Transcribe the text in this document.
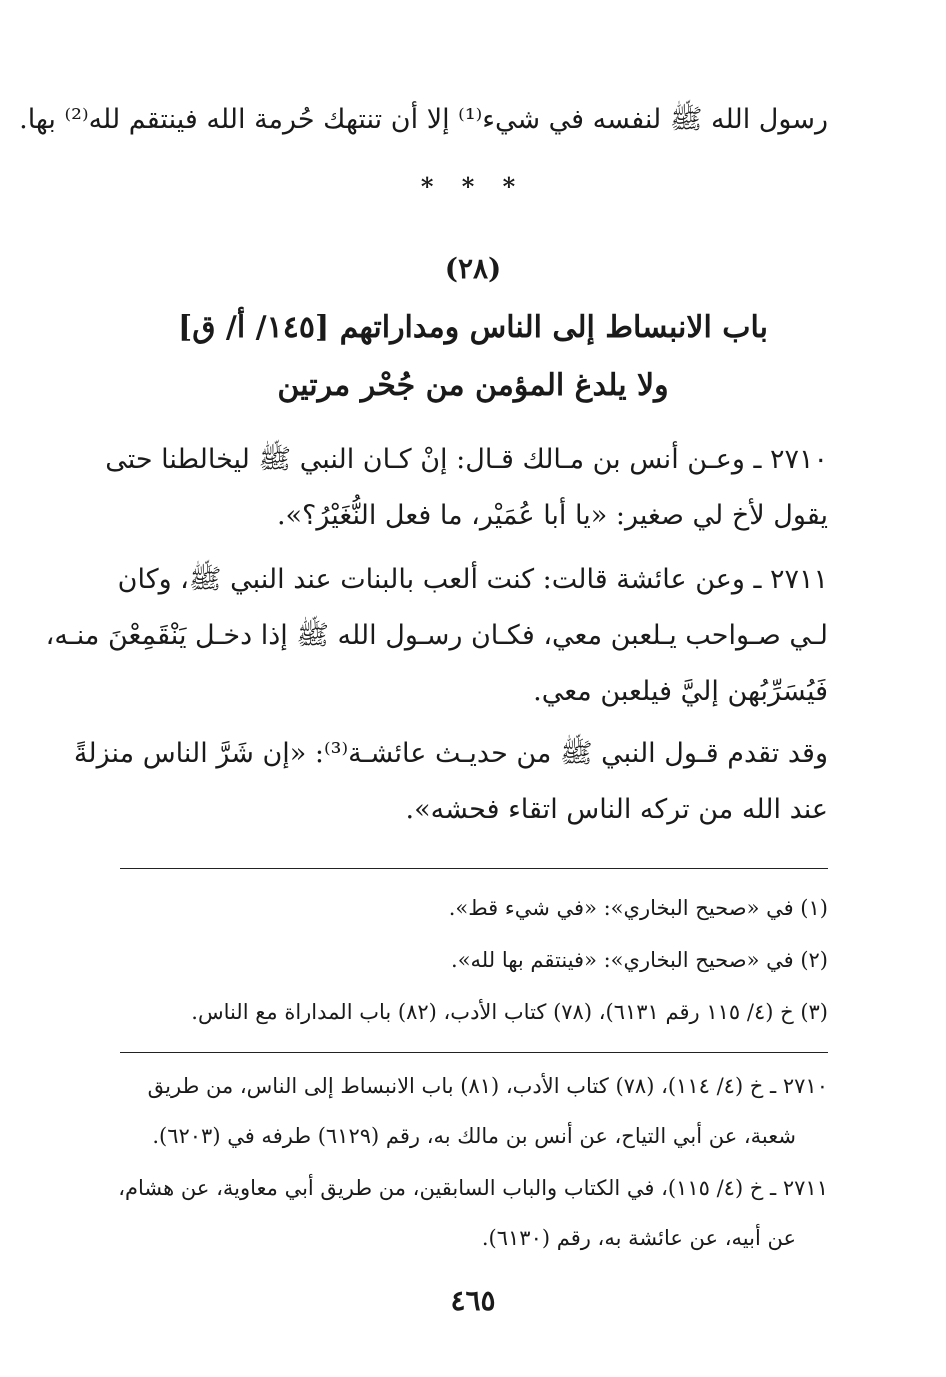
رسول الله ﷺ لنفسه في شيء⁽¹⁾ إلا أن تنتهك حُرمة الله فينتقم لله⁽²⁾ بها.
* * *
(٢٨)
باب الانبساط إلى الناس ومداراتهم [١٤٥/ أ/ ق]
ولا يلدغ المؤمن من جُحْر مرتين
٢٧١٠ ـ وعـن أنس بن مـالك قـال: إنْ كـان النبي ﷺ ليخالطنا حتى
يقول لأخ لي صغير: «يا أبا عُمَيْر، ما فعل النُّغَيْرُ؟».
٢٧١١ ـ وعن عائشة قالت: كنت ألعب بالبنات عند النبي ﷺ، وكان
لـي صـواحب يـلعبن معي، فكـان رسـول الله ﷺ إذا دخـل يَنْقَمِعْنَ منـه،
فَيُسَرِّبُهن إليَّ فيلعبن معي.
وقد تقدم قـول النبي ﷺ من حديـث عائشـة⁽³⁾: «إن شَرَّ الناس منزلةً
عند الله من تركه الناس اتقاء فحشه».
(١) في «صحيح البخاري»: «في شيء قط».
(٢) في «صحيح البخاري»: «فينتقم بها لله».
(٣) خ (٤/ ١١٥ رقم ٦١٣١)، (٧٨) كتاب الأدب، (٨٢) باب المداراة مع الناس.
٢٧١٠ ـ خ (٤/ ١١٤)، (٧٨) كتاب الأدب، (٨١) باب الانبساط إلى الناس، من طريق
شعبة، عن أبي التياح، عن أنس بن مالك به، رقم (٦١٢٩) طرفه في (٦٢٠٣).
٢٧١١ ـ خ (٤/ ١١٥)، في الكتاب والباب السابقين، من طريق أبي معاوية، عن هشام،
عن أبيه، عن عائشة به، رقم (٦١٣٠).
٤٦٥
